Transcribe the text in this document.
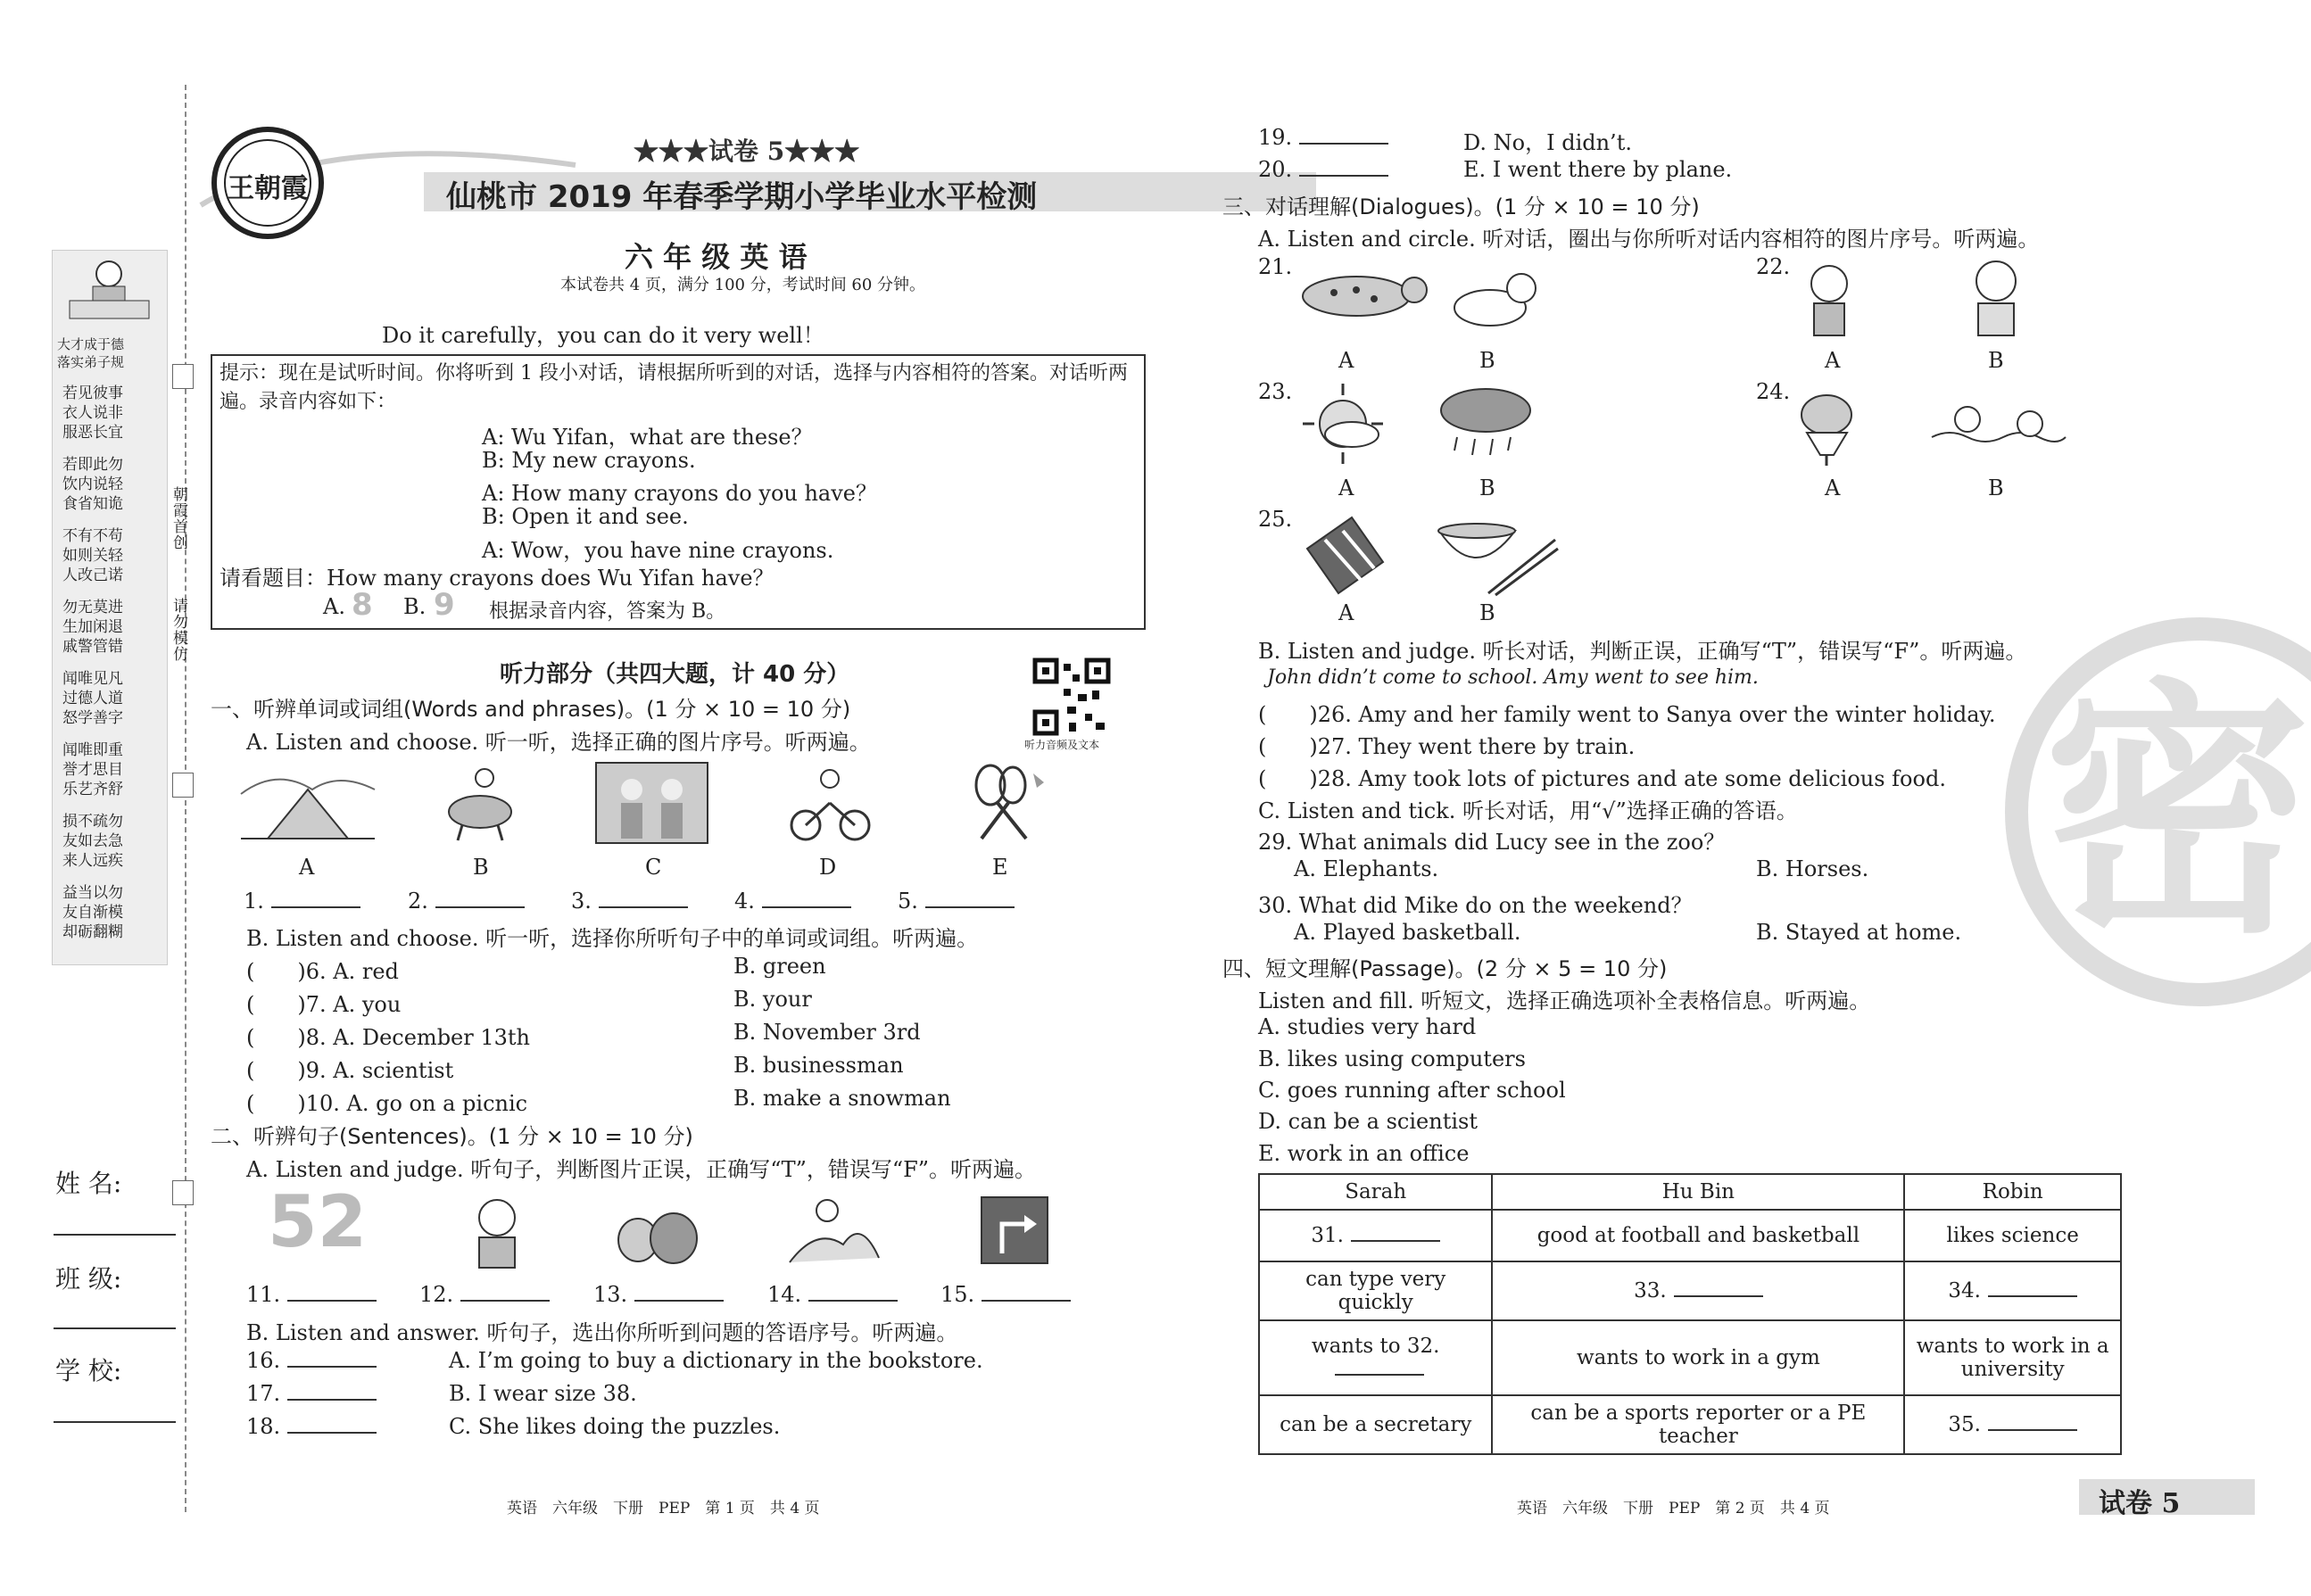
大才成于德
落实弟子规
若见彼事
衣人说非
服恶长宜
若即此勿
饮内说轻
食省知诡
不有不苟
如则关轻
人改己诺
勿无莫进
生加闲退
戚警管错
闻唯见凡
过德人道
怒学善字
闻唯即重
誉才思目
乐艺齐舒
损不疏勿
友如去急
来人远疾
益当以勿
友自渐模
却砺翻糊
朝霞首创
请勿模仿
姓 名:
班 级:
学 校:
王朝霞
★★★试卷 5★★★
仙桃市 2019 年春季学期小学毕业水平检测
六 年 级 英 语
本试卷共 4 页，满分 100 分，考试时间 60 分钟。
Do it carefully，you can do it very well！
提示：现在是试听时间。你将听到 1 段小对话，请根据所听到的对话，选择与内容相符的答案。对话听两遍。录音内容如下：
A: Wu Yifan，what are these？
B: My new crayons.
A: How many crayons do you have？
B: Open it and see.
A: Wow，you have nine crayons.
请看题目：How many crayons does Wu Yifan have？
A. 8 B. 9 根据录音内容，答案为 B。
听力部分（共四大题，计 40 分）
听力音频及文本
一、听辨单词或词组(Words and phrases)。(1 分 × 10 = 10 分)
A. Listen and choose. 听一听，选择正确的图片序号。听两遍。
A	B	C	D	E
1.	2.	3.	4.	5.
B. Listen and choose. 听一听，选择你所听句子中的单词或词组。听两遍。
(　　)6. A. red	B. green
(　　)7. A. you	B. your
(　　)8. A. December 13th	B. November 3rd
(　　)9. A. scientist	B. businessman
(　　)10. A. go on a picnic	B. make a snowman
二、听辨句子(Sentences)。(1 分 × 10 = 10 分)
A. Listen and judge. 听句子，判断图片正误，正确写“T”，错误写“F”。听两遍。
52
11.	12.	13.	14.	15.
B. Listen and answer. 听句子，选出你所听到问题的答语序号。听两遍。
16.	A. I’m going to buy a dictionary in the bookstore.
17.	B. I wear size 38.
18.	C. She likes doing the puzzles.
19.	D. No，I didn’t.
20.	E. I went there by plane.
三、对话理解(Dialogues)。(1 分 × 10 = 10 分)
A. Listen and circle. 听对话，圈出与你所听对话内容相符的图片序号。听两遍。
21.
A	B
22.
A	B
23.
A	B
24.
A	B
25.
A	B
B. Listen and judge. 听长对话，判断正误，正确写“T”，错误写“F”。听两遍。
John didn’t come to school. Amy went to see him.
(　　)26. Amy and her family went to Sanya over the winter holiday.
(　　)27. They went there by train.
(　　)28. Amy took lots of pictures and ate some delicious food.
C. Listen and tick. 听长对话，用“√”选择正确的答语。
29. What animals did Lucy see in the zoo？
A. Elephants.	B. Horses.
30. What did Mike do on the weekend？
A. Played basketball.	B. Stayed at home.
四、短文理解(Passage)。(2 分 × 5 = 10 分)
Listen and fill. 听短文，选择正确选项补全表格信息。听两遍。
A. studies very hard
B. likes using computers
C. goes running after school
D. can be a scientist
E. work in an office
Sarah	Hu Bin	Robin
31.	good at football and basketball	likes science
can type very quickly	33.	34.
wants to 32.	wants to work in a gym	wants to work in a university
can be a secretary	can be a sports reporter or a PE teacher	35.
密
英语　六年级　下册　PEP　第 1 页　共 4 页	英语　六年级　下册　PEP　第 2 页　共 4 页	试卷 5
